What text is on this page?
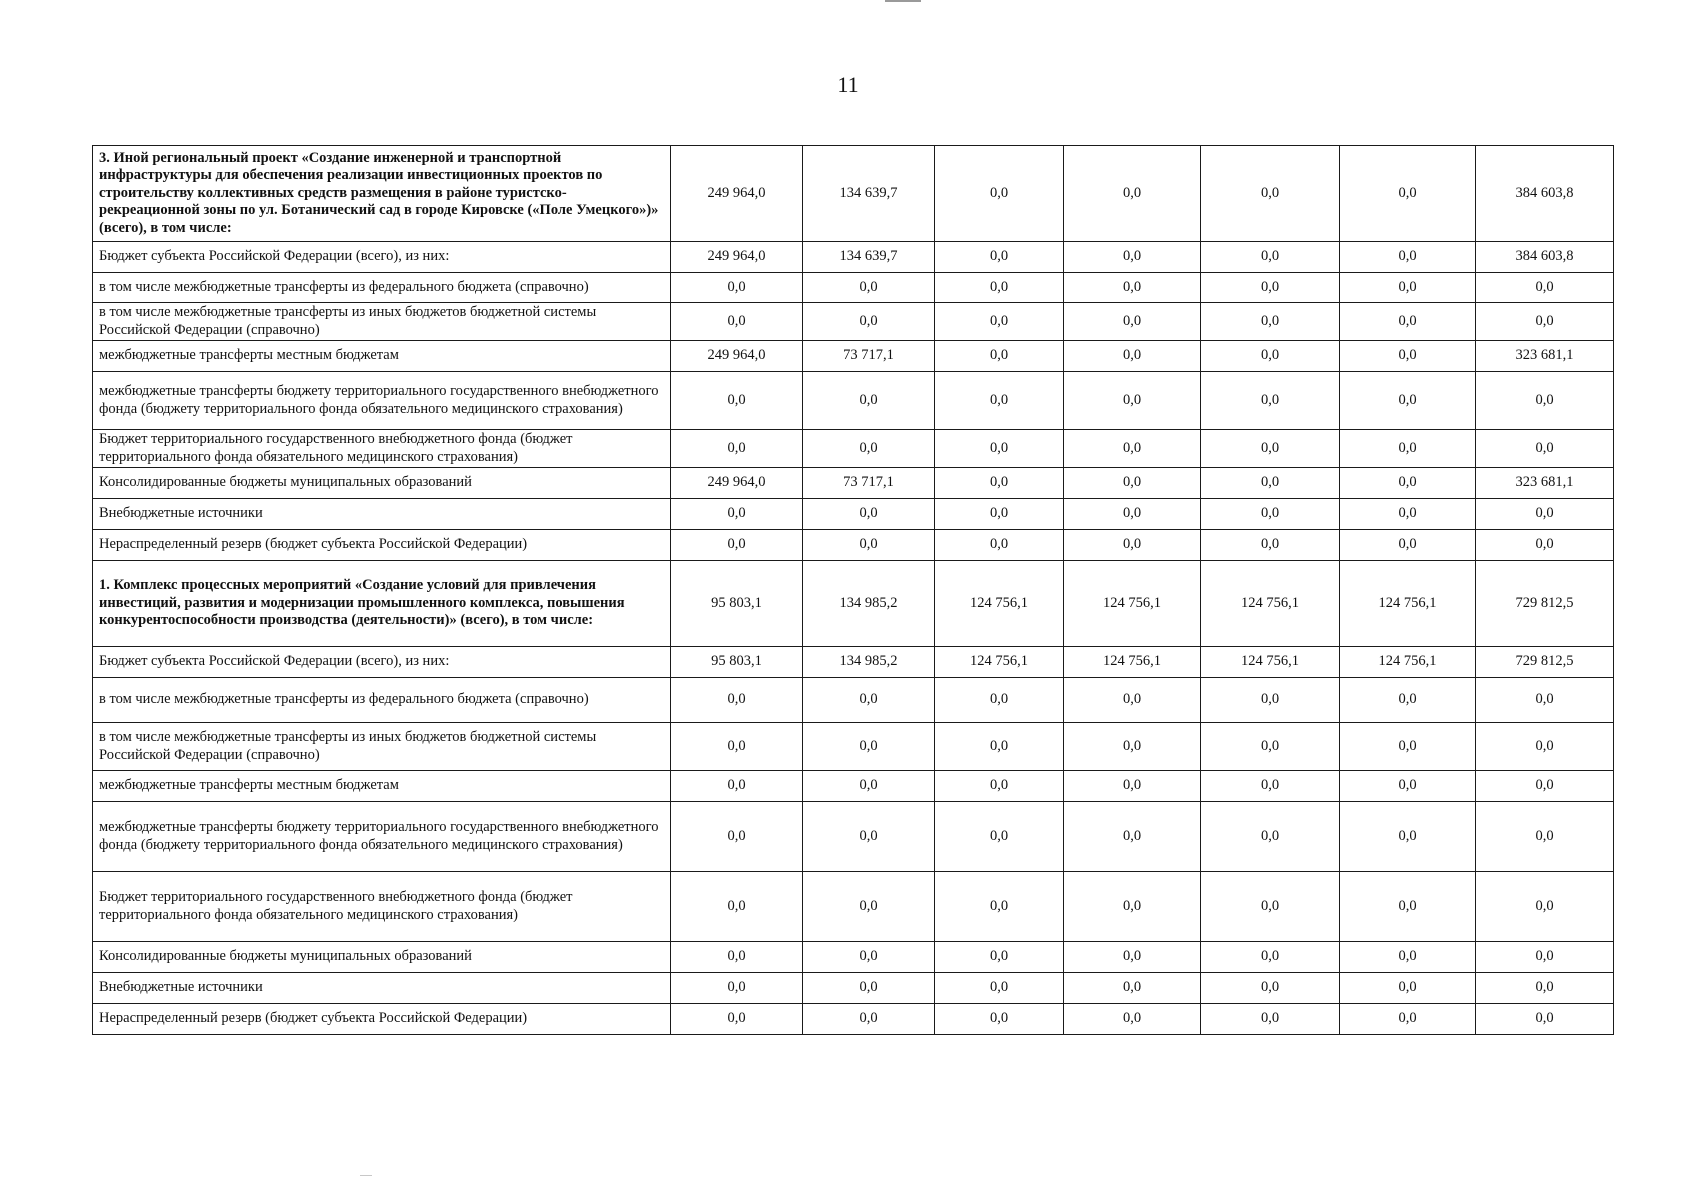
11
3. Иной региональный проект «Создание инженерной и транспортной инфраструктуры для обеспечения реализации инвестиционных проектов по строительству коллективных средств размещения в районе туристско-рекреационной зоны по ул. Ботанический сад в городе Кировске («Поле Умецкого»)» (всего), в том числе:	249 964,0	134 639,7	0,0	0,0	0,0	0,0	384 603,8
Бюджет субъекта Российской Федерации (всего), из них:	249 964,0	134 639,7	0,0	0,0	0,0	0,0	384 603,8
в том числе межбюджетные трансферты из федерального бюджета (справочно)	0,0	0,0	0,0	0,0	0,0	0,0	0,0
в том числе межбюджетные трансферты из иных бюджетов бюджетной системы Российской Федерации (справочно)	0,0	0,0	0,0	0,0	0,0	0,0	0,0
межбюджетные трансферты местным бюджетам	249 964,0	73 717,1	0,0	0,0	0,0	0,0	323 681,1
межбюджетные трансферты бюджету территориального государственного внебюджетного фонда (бюджету территориального фонда обязательного медицинского страхования)	0,0	0,0	0,0	0,0	0,0	0,0	0,0
Бюджет территориального государственного внебюджетного фонда (бюджет территориального фонда обязательного медицинского страхования)	0,0	0,0	0,0	0,0	0,0	0,0	0,0
Консолидированные бюджеты муниципальных образований	249 964,0	73 717,1	0,0	0,0	0,0	0,0	323 681,1
Внебюджетные источники	0,0	0,0	0,0	0,0	0,0	0,0	0,0
Нераспределенный резерв (бюджет субъекта Российской Федерации)	0,0	0,0	0,0	0,0	0,0	0,0	0,0
1. Комплекс процессных мероприятий «Создание условий для привлечения инвестиций, развития и модернизации промышленного комплекса, повышения конкурентоспособности производства (деятельности)» (всего), в том числе:	95 803,1	134 985,2	124 756,1	124 756,1	124 756,1	124 756,1	729 812,5
Бюджет субъекта Российской Федерации (всего), из них:	95 803,1	134 985,2	124 756,1	124 756,1	124 756,1	124 756,1	729 812,5
в том числе межбюджетные трансферты из федерального бюджета (справочно)	0,0	0,0	0,0	0,0	0,0	0,0	0,0
в том числе межбюджетные трансферты из иных бюджетов бюджетной системы Российской Федерации (справочно)	0,0	0,0	0,0	0,0	0,0	0,0	0,0
межбюджетные трансферты местным бюджетам	0,0	0,0	0,0	0,0	0,0	0,0	0,0
межбюджетные трансферты бюджету территориального государственного внебюджетного фонда (бюджету территориального фонда обязательного медицинского страхования)	0,0	0,0	0,0	0,0	0,0	0,0	0,0
Бюджет территориального государственного внебюджетного фонда (бюджет территориального фонда обязательного медицинского страхования)	0,0	0,0	0,0	0,0	0,0	0,0	0,0
Консолидированные бюджеты муниципальных образований	0,0	0,0	0,0	0,0	0,0	0,0	0,0
Внебюджетные источники	0,0	0,0	0,0	0,0	0,0	0,0	0,0
Нераспределенный резерв (бюджет субъекта Российской Федерации)	0,0	0,0	0,0	0,0	0,0	0,0	0,0
